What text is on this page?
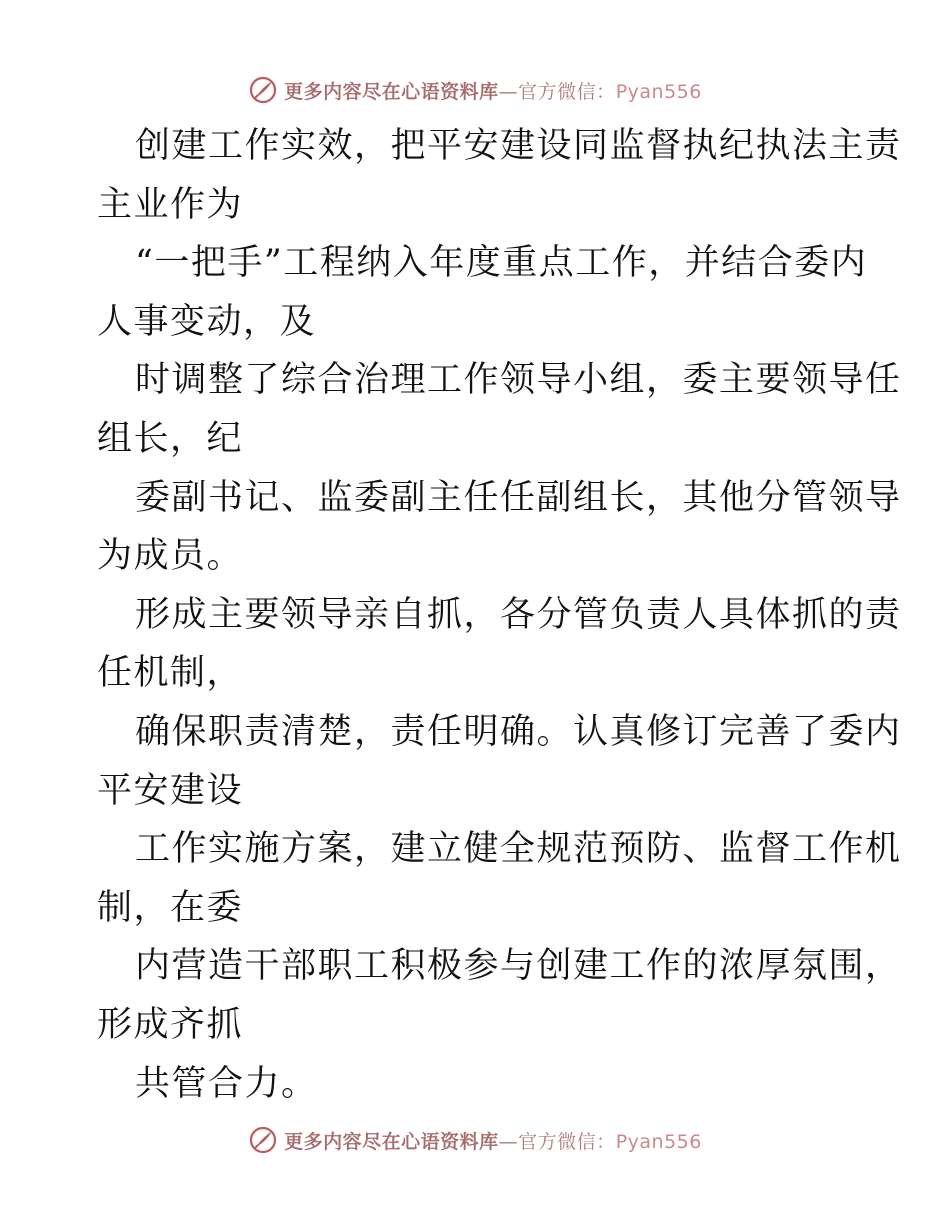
更多内容尽在心语资料库—官方微信：Pyan556
创建工作实效，把平安建设同监督执纪执法主责
主业作为
“一把手”工程纳入年度重点工作，并结合委内
人事变动，及
时调整了综合治理工作领导小组，委主要领导任
组长，纪
委副书记、监委副主任任副组长，其他分管领导
为成员。
形成主要领导亲自抓，各分管负责人具体抓的责
任机制，
确保职责清楚，责任明确。认真修订完善了委内
平安建设
工作实施方案，建立健全规范预防、监督工作机
制，在委
内营造干部职工积极参与创建工作的浓厚氛围，
形成齐抓
共管合力。
更多内容尽在心语资料库—官方微信：Pyan556
